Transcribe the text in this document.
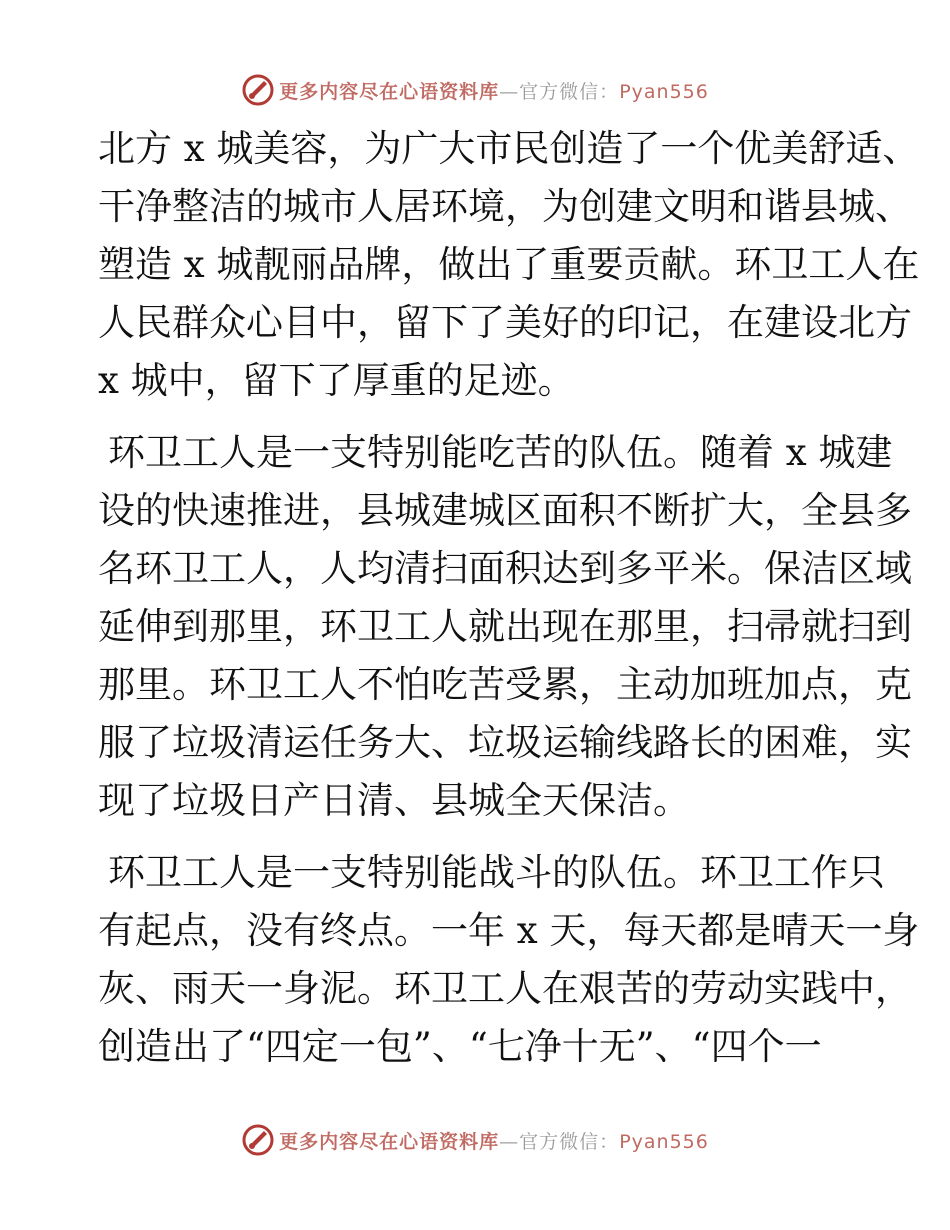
更多内容尽在心语资料库—官方微信：Pyan556
北方 x 城美容，为广大市民创造了一个优美舒适、
干净整洁的城市人居环境，为创建文明和谐县城、
塑造 x 城靓丽品牌，做出了重要贡献。环卫工人在
人民群众心目中，留下了美好的印记，在建设北方
x 城中，留下了厚重的足迹。
环卫工人是一支特别能吃苦的队伍。随着 x 城建
设的快速推进，县城建城区面积不断扩大，全县多
名环卫工人，人均清扫面积达到多平米。保洁区域
延伸到那里，环卫工人就出现在那里，扫帚就扫到
那里。环卫工人不怕吃苦受累，主动加班加点，克
服了垃圾清运任务大、垃圾运输线路长的困难，实
现了垃圾日产日清、县城全天保洁。
环卫工人是一支特别能战斗的队伍。环卫工作只
有起点，没有终点。一年 x 天，每天都是晴天一身
灰、雨天一身泥。环卫工人在艰苦的劳动实践中，
创造出了“四定一包”、“七净十无”、“四个一
更多内容尽在心语资料库—官方微信：Pyan556
